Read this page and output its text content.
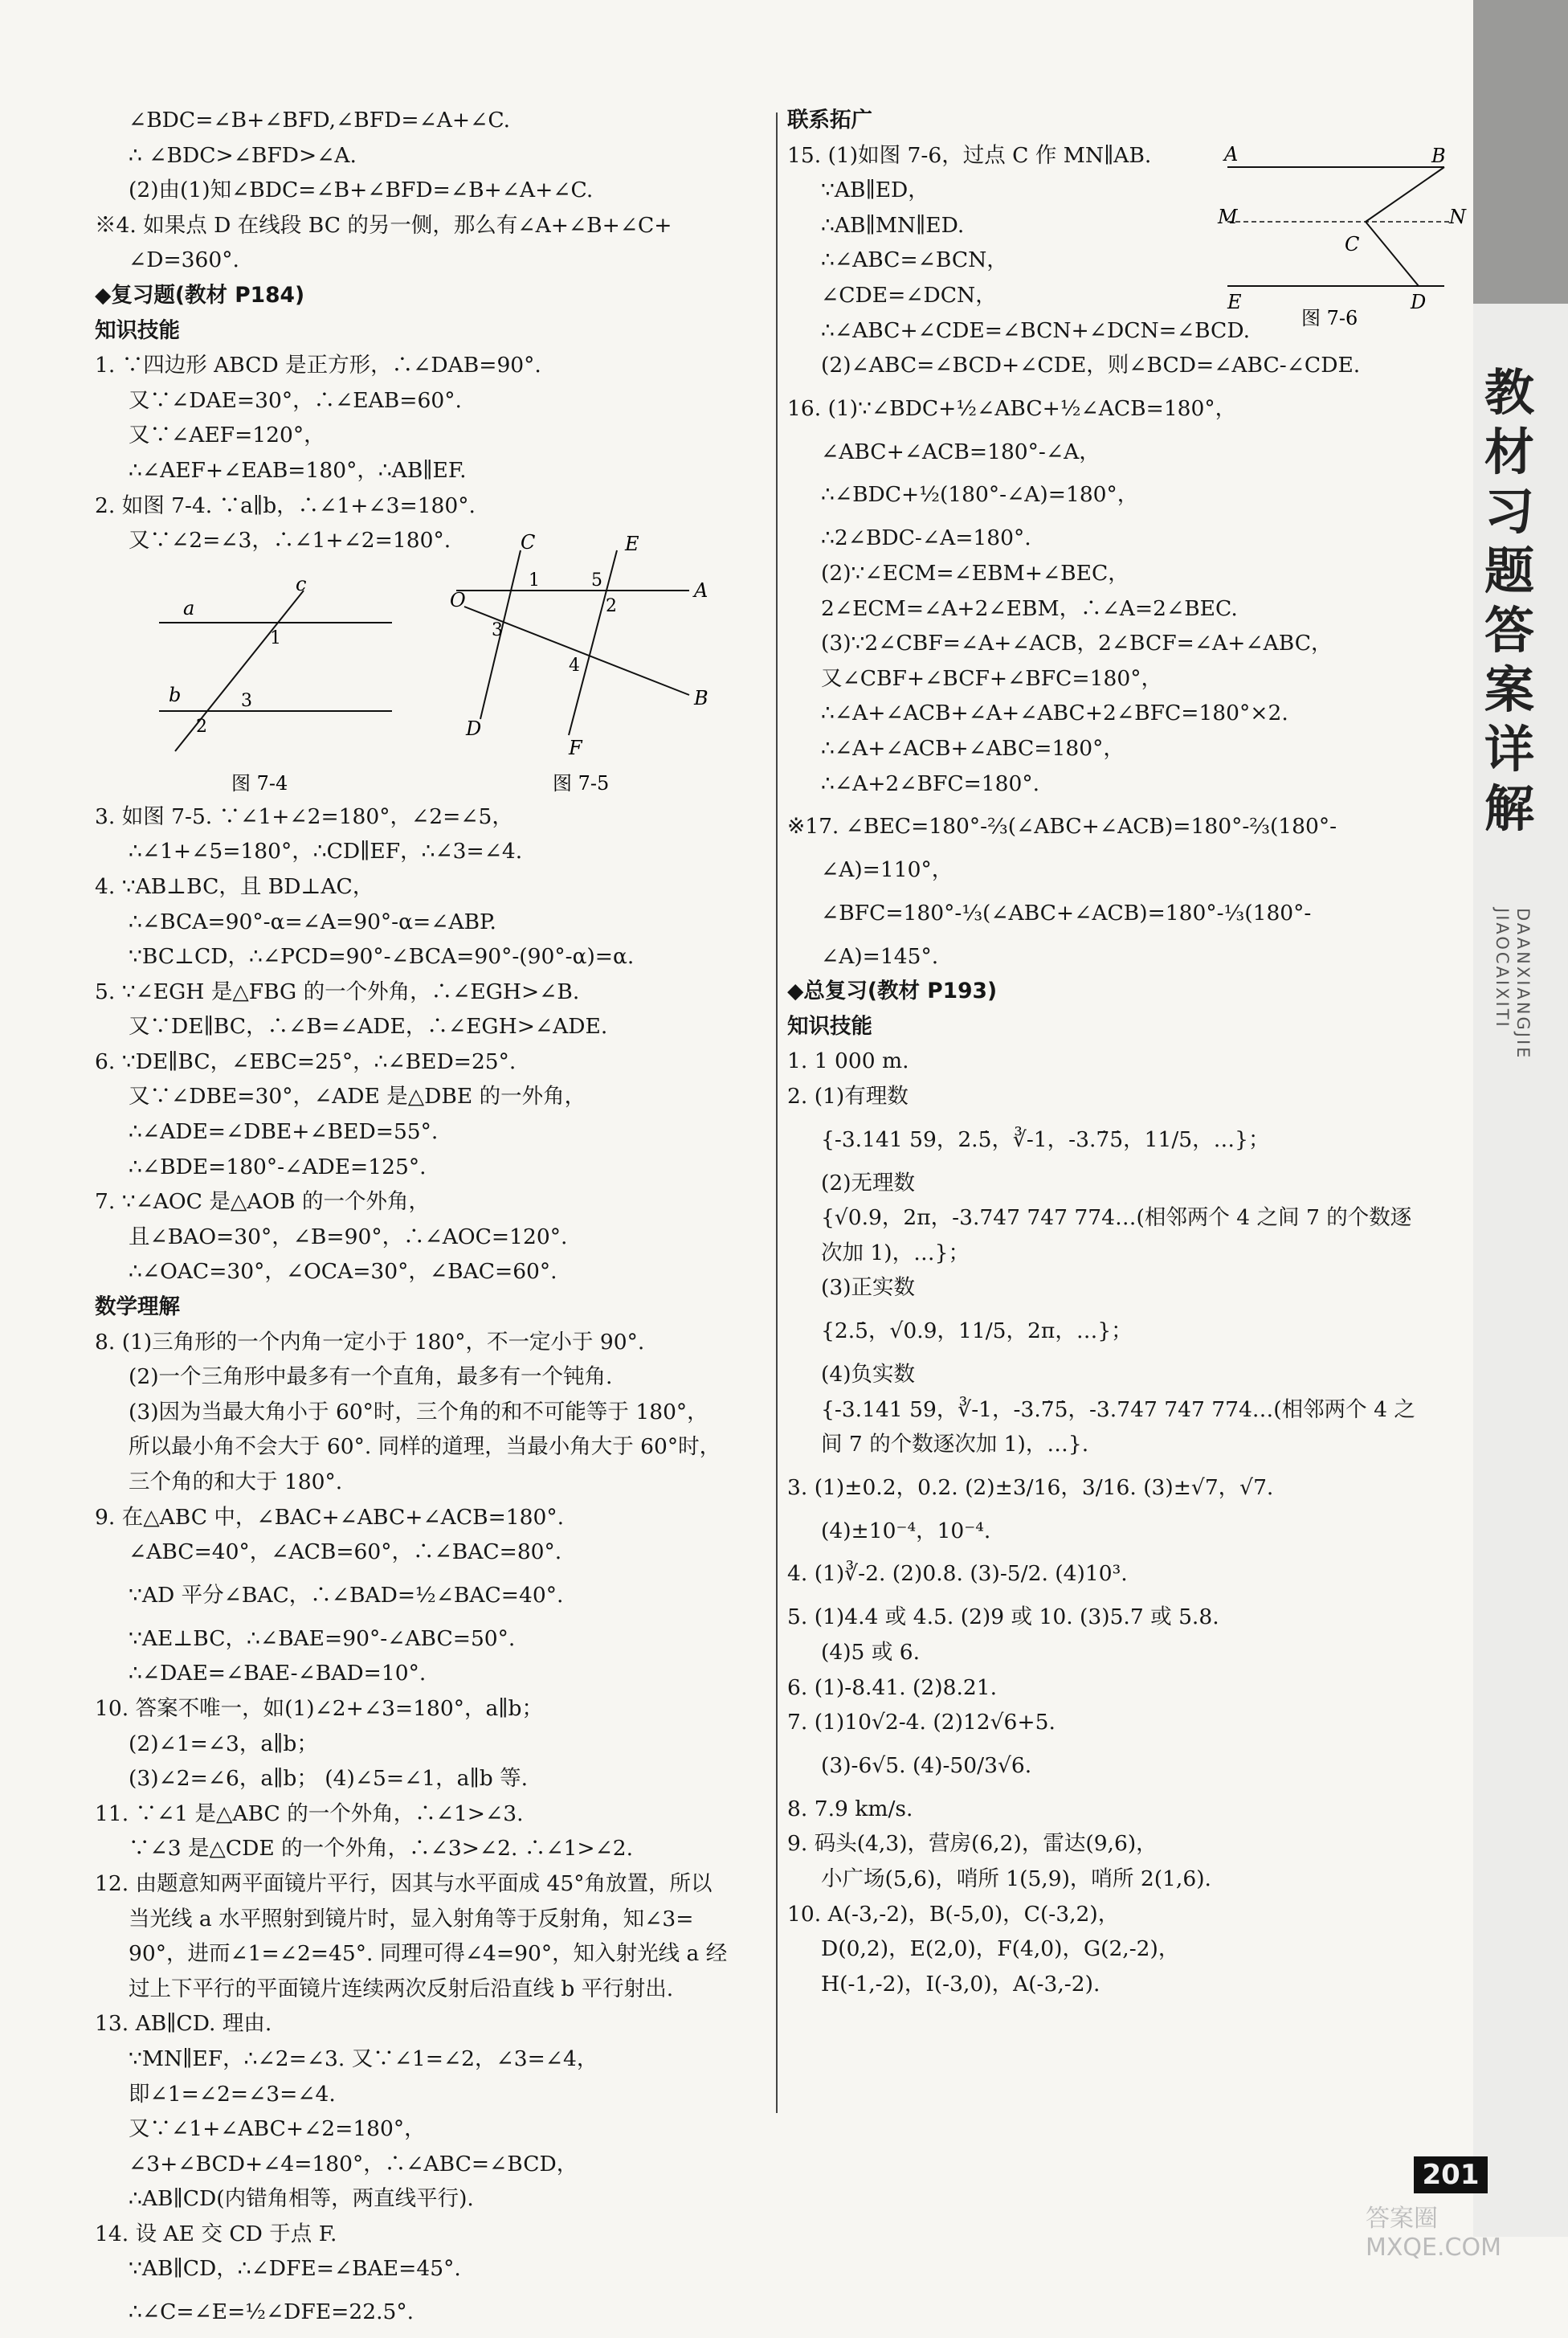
∠BDC=∠B+∠BFD,∠BFD=∠A+∠C.
∴ ∠BDC>∠BFD>∠A.
(2)由(1)知∠BDC=∠B+∠BFD=∠B+∠A+∠C.
※4. 如果点 D 在线段 BC 的另一侧，那么有∠A+∠B+∠C+
∠D=360°.
◆复习题(教材 P184)
知识技能
1. ∵四边形 ABCD 是正方形，∴∠DAB=90°.
又∵∠DAE=30°，∴∠EAB=60°.
又∵∠AEF=120°，
∴∠AEF+∠EAB=180°，∴AB∥EF.
2. 如图 7-4. ∵a∥b，∴∠1+∠3=180°.
又∵∠2=∠3，∴∠1+∠2=180°.
a
b
c
1
2
3
图 7-4
C	E
A
O
B
D
F
1
2
3
4
5
图 7-5
3. 如图 7-5. ∵∠1+∠2=180°，∠2=∠5，
∴∠1+∠5=180°，∴CD∥EF，∴∠3=∠4.
4. ∵AB⊥BC，且 BD⊥AC，
∴∠BCA=90°-α=∠A=90°-α=∠ABP.
∵BC⊥CD，∴∠PCD=90°-∠BCA=90°-(90°-α)=α.
5. ∵∠EGH 是△FBG 的一个外角，∴∠EGH>∠B.
又∵DE∥BC，∴∠B=∠ADE，∴∠EGH>∠ADE.
6. ∵DE∥BC，∠EBC=25°，∴∠BED=25°.
又∵∠DBE=30°，∠ADE 是△DBE 的一外角，
∴∠ADE=∠DBE+∠BED=55°.
∴∠BDE=180°-∠ADE=125°.
7. ∵∠AOC 是△AOB 的一个外角，
且∠BAO=30°，∠B=90°，∴∠AOC=120°.
∴∠OAC=30°，∠OCA=30°，∠BAC=60°.
数学理解
8. (1)三角形的一个内角一定小于 180°，不一定小于 90°.
(2)一个三角形中最多有一个直角，最多有一个钝角.
(3)因为当最大角小于 60°时，三个角的和不可能等于 180°，
所以最小角不会大于 60°. 同样的道理，当最小角大于 60°时，
三个角的和大于 180°.
9. 在△ABC 中，∠BAC+∠ABC+∠ACB=180°.
∠ABC=40°，∠ACB=60°，∴∠BAC=80°.
∵AD 平分∠BAC，∴∠BAD=½∠BAC=40°.
∵AE⊥BC，∴∠BAE=90°-∠ABC=50°.
∴∠DAE=∠BAE-∠BAD=10°.
10. 答案不唯一，如(1)∠2+∠3=180°，a∥b；
(2)∠1=∠3，a∥b；
(3)∠2=∠6，a∥b； (4)∠5=∠1，a∥b 等.
11. ∵∠1 是△ABC 的一个外角，∴∠1>∠3.
∵∠3 是△CDE 的一个外角，∴∠3>∠2. ∴∠1>∠2.
12. 由题意知两平面镜片平行，因其与水平面成 45°角放置，所以
当光线 a 水平照射到镜片时，显入射角等于反射角，知∠3=
90°，进而∠1=∠2=45°. 同理可得∠4=90°，知入射光线 a 经
过上下平行的平面镜片连续两次反射后沿直线 b 平行射出.
13. AB∥CD. 理由.
∵MN∥EF，∴∠2=∠3. 又∵∠1=∠2，∠3=∠4，
即∠1=∠2=∠3=∠4.
又∵∠1+∠ABC+∠2=180°，
∠3+∠BCD+∠4=180°，∴∠ABC=∠BCD，
∴AB∥CD(内错角相等，两直线平行).
14. 设 AE 交 CD 于点 F.
∵AB∥CD，∴∠DFE=∠BAE=45°.
∴∠C=∠E=½∠DFE=22.5°.
联系拓广
15. (1)如图 7-6，过点 C 作 MN∥AB.
∵AB∥ED，
∴AB∥MN∥ED.
∴∠ABC=∠BCN，
∠CDE=∠DCN，
∴∠ABC+∠CDE=∠BCN+∠DCN=∠BCD.
(2)∠ABC=∠BCD+∠CDE，则∠BCD=∠ABC-∠CDE.
16. (1)∵∠BDC+½∠ABC+½∠ACB=180°，
∠ABC+∠ACB=180°-∠A，
∴∠BDC+½(180°-∠A)=180°，
∴2∠BDC-∠A=180°.
(2)∵∠ECM=∠EBM+∠BEC，
2∠ECM=∠A+2∠EBM，∴∠A=2∠BEC.
(3)∵2∠CBF=∠A+∠ACB，2∠BCF=∠A+∠ABC，
又∠CBF+∠BCF+∠BFC=180°，
∴∠A+∠ACB+∠A+∠ABC+2∠BFC=180°×2.
∴∠A+∠ACB+∠ABC=180°，
∴∠A+2∠BFC=180°.
※17. ∠BEC=180°-⅔(∠ABC+∠ACB)=180°-⅔(180°-
∠A)=110°，
∠BFC=180°-⅓(∠ABC+∠ACB)=180°-⅓(180°-
∠A)=145°.
◆总复习(教材 P193)
知识技能
1. 1 000 m.
2. (1)有理数
{-3.141 59，2.5̇，∛-1，-3.7̇5̇，11/5，…}；
(2)无理数
{√0.9，2π，-3.747 747 774…(相邻两个 4 之间 7 的个数逐
次加 1)，…}；
(3)正实数
{2.5̇，√0.9，11/5，2π，…}；
(4)负实数
{-3.141 59，∛-1，-3.7̇5̇，-3.747 747 774…(相邻两个 4 之
间 7 的个数逐次加 1)，…}.
3. (1)±0.2，0.2. (2)±3/16，3/16. (3)±√7，√7.
(4)±10⁻⁴，10⁻⁴.
4. (1)∛-2. (2)0.8. (3)-5/2. (4)10³.
5. (1)4.4 或 4.5. (2)9 或 10. (3)5.7 或 5.8.
(4)5 或 6.
6. (1)-8.41. (2)8.21.
7. (1)10√2-4. (2)12√6+5.
(3)-6√5. (4)-50/3√6.
8. 7.9 km/s.
9. 码头(4,3)，营房(6,2)，雷达(9,6)，
小广场(5,6)，哨所 1(5,9)，哨所 2(1,6).
10. A(-3,-2)，B(-5,0)，C(-3,2)，
D(0,2)，E(2,0)，F(4,0)，G(2,-2)，
H(-1,-2)，I(-3,0)，A(-3,-2).
A	B
M	N
C
E	D
图 7-6
教
材
习
题
答
案
详
解
JIAOCAIXITI DAANXIANGJIE
201
答案圈 MXQE.COM
